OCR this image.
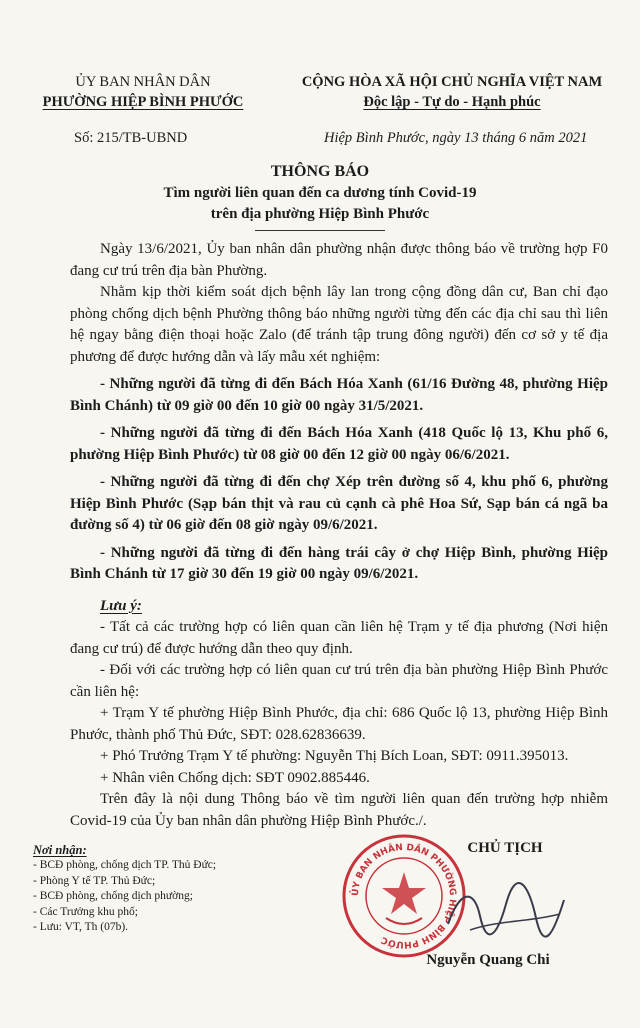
ỦY BAN NHÂN DÂN
PHƯỜNG HIỆP BÌNH PHƯỚC
CỘNG HÒA XÃ HỘI CHỦ NGHĨA VIỆT NAM
Độc lập - Tự do - Hạnh phúc
Số: 215/TB-UBND	Hiệp Bình Phước, ngày 13 tháng 6 năm 2021
THÔNG BÁO
Tìm người liên quan đến ca dương tính Covid-19
trên địa phường Hiệp Bình Phước

Ngày 13/6/2021, Ủy ban nhân dân phường nhận được thông báo về trường hợp F0 đang cư trú trên địa bàn Phường.

Nhằm kịp thời kiểm soát dịch bệnh lây lan trong cộng đồng dân cư, Ban chỉ đạo phòng chống dịch bệnh Phường thông báo những người từng đến các địa chỉ sau thì liên hệ ngay bằng điện thoại hoặc Zalo (để tránh tập trung đông người) đến cơ sở y tế địa phương để được hướng dẫn và lấy mẫu xét nghiệm:

- Những người đã từng đi đến Bách Hóa Xanh (61/16 Đường 48, phường Hiệp Bình Chánh) từ 09 giờ 00 đến 10 giờ 00 ngày 31/5/2021.

- Những người đã từng đi đến Bách Hóa Xanh (418 Quốc lộ 13, Khu phố 6, phường Hiệp Bình Phước) từ 08 giờ 00 đến 12 giờ 00 ngày 06/6/2021.

- Những người đã từng đi đến chợ Xép trên đường số 4, khu phố 6, phường Hiệp Bình Phước (Sạp bán thịt và rau củ cạnh cà phê Hoa Sứ, Sạp bán cá ngã ba đường số 4) từ 06 giờ đến 08 giờ ngày 09/6/2021.

- Những người đã từng đi đến hàng trái cây ở chợ Hiệp Bình, phường Hiệp Bình Chánh từ 17 giờ 30 đến 19 giờ 00 ngày 09/6/2021.

Lưu ý:

- Tất cả các trường hợp có liên quan cần liên hệ Trạm y tế địa phương (Nơi hiện đang cư trú) để được hướng dẫn theo quy định.

- Đối với các trường hợp có liên quan cư trú trên địa bàn phường Hiệp Bình Phước cần liên hệ:

+ Trạm Y tế phường Hiệp Bình Phước, địa chỉ: 686 Quốc lộ 13, phường Hiệp Bình Phước, thành phố Thủ Đức, SĐT: 028.62836639.

+ Phó Trưởng Trạm Y tế phường: Nguyễn Thị Bích Loan, SĐT: 0911.395013.

+ Nhân viên Chống dịch: SĐT 0902.885446.

Trên đây là nội dung Thông báo về tìm người liên quan đến trường hợp nhiễm Covid-19 của Ủy ban nhân dân phường Hiệp Bình Phước./.

Nơi nhận:
- BCĐ phòng, chống dịch TP. Thủ Đức;
- Phòng Y tế TP. Thủ Đức;
- BCĐ phòng, chống dịch phường;
- Các Trưởng khu phố;
- Lưu: VT, Th (07b).
ỦY BAN NHÂN DÂN PHƯỜNG HIỆP BÌNH PHƯỚC
CHỦ TỊCH
Nguyễn Quang Chi
